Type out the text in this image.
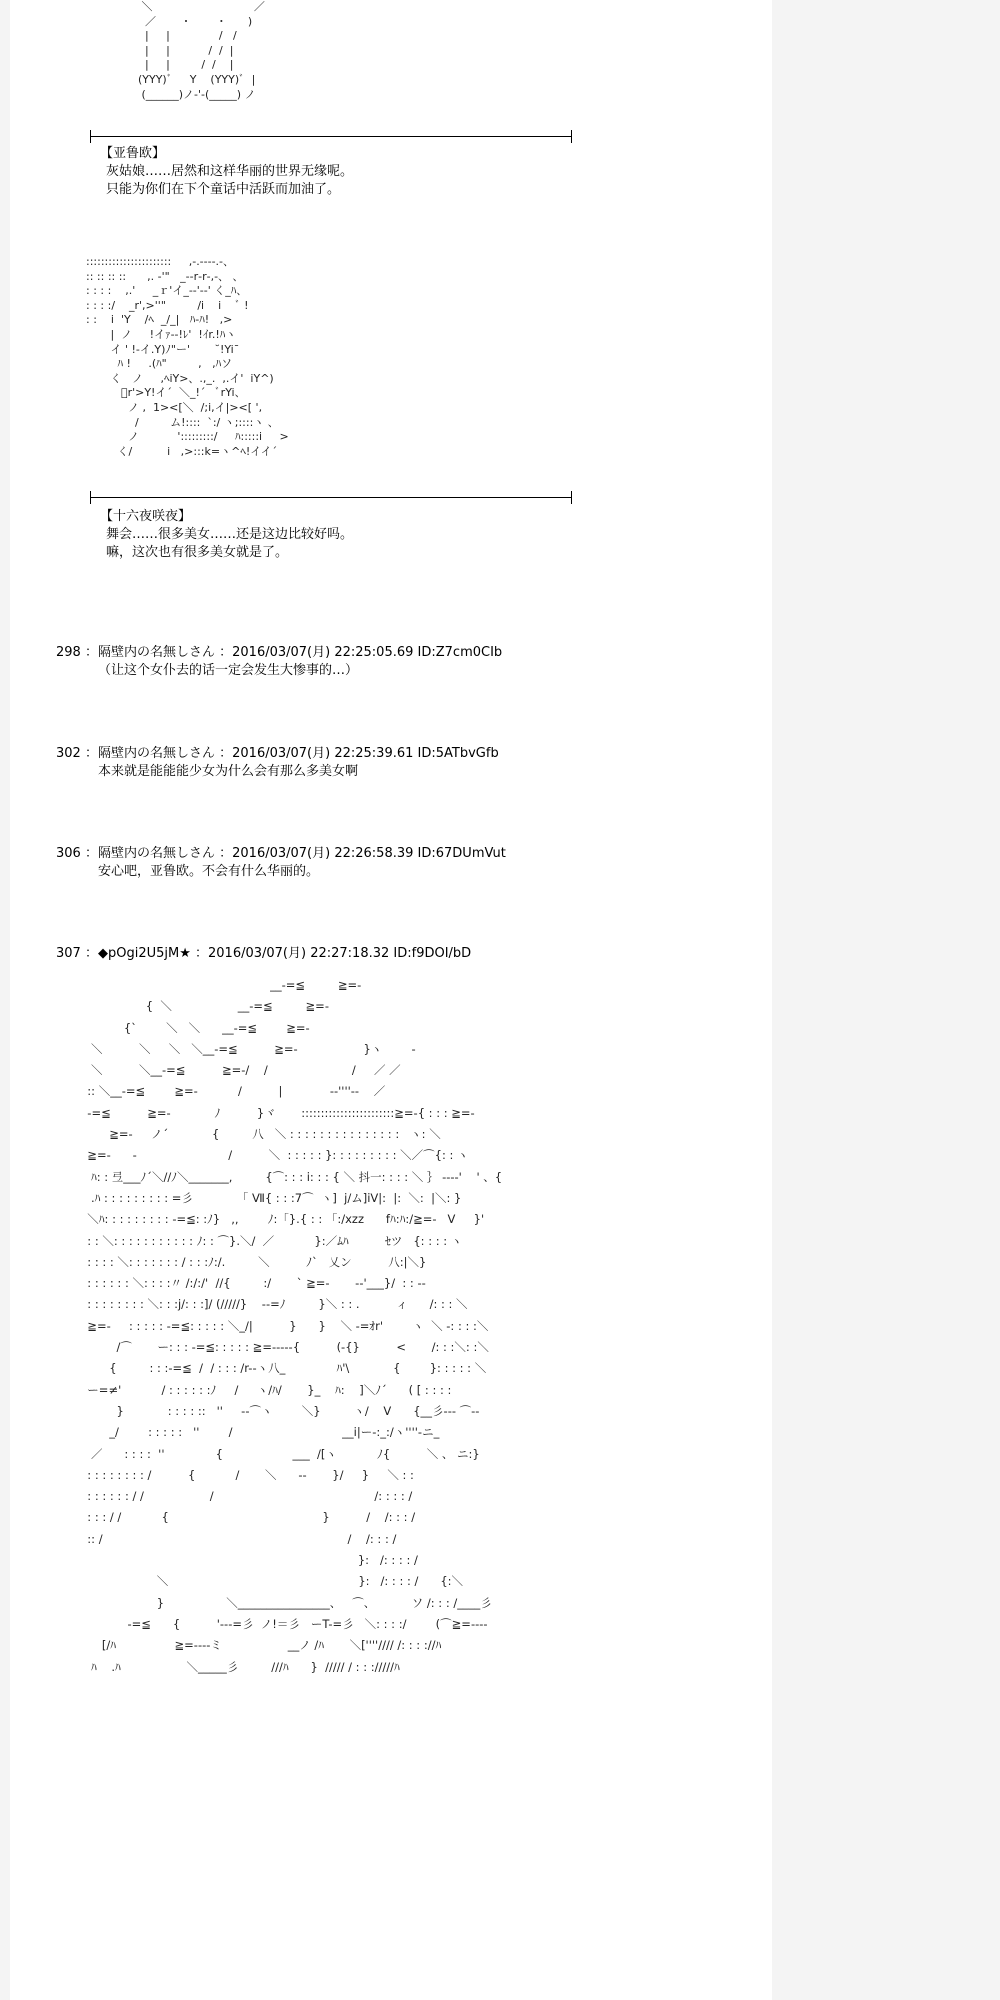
＼                             ／
／       ・       ・      )
|     |              /   /
|     |           /  /  |
|     |         /  /    |
(YYY)ﾞ     Y    (YYY)ﾞ  |
(______)ノ-'-(_____) ノ
【亚鲁欧】
灰姑娘……居然和这样华丽的世界无缘呢。
只能为你们在下个童话中活跃而加油了。
:::::::::::::::::::::::     ,-.----.-、
:: :: :: ::      ,. ‐'"   _-‐r‐r‐,-、 、
: : : :    ,.'     _ｒ'イ_-‐'-‐' く_ﾊ、
: : : :/    _r',>''"         /i    i    ﾞ !
: :    i  'Y    /ﾍ  _/_|   ﾊ-ﾊ!   ,>
|  ノ     !イｧ-‐!ﾚ'  !ｲr.!ﾊヽ
イ ' !-イ.Y)ﾉ"ー'       ˘!Yi¯
ﾊ !     .(ﾊ"         ,   ,ﾊソ
く   ノ     ,ﾍiY>、.,_.  ,.イ'  iY^)
ﾞr'>Y!イ´  ＼_!´   ﾞrYi、
ノ ,  1><[＼  /;i,イ|><[ ',
/         ム!::::  `:/ ヽ;::::ヽ 、
ノ           ':::::::::/     ﾊ:::::i     >
く/          i   ,>:::k=ヽ^ﾍ!イイ´
【十六夜咲夜】
舞会……很多美女……还是这边比较好吗。
嘛，这次也有很多美女就是了。
298 ：隔壁内の名無しさん ：2016/03/07(月) 22:25:05.69 ID:Z7cm0CIb
（让这个女仆去的话一定会发生大惨事的…）
302 ：隔壁内の名無しさん ：2016/03/07(月) 22:25:39.61 ID:5ATbvGfb
本来就是能能能少女为什么会有那么多美女啊
306 ：隔壁内の名無しさん ：2016/03/07(月) 22:26:58.39 ID:67DUmVut
安心吧，亚鲁欧。不会有什么华丽的。
307 ：◆pOgi2U5jM★ ：2016/03/07(月) 22:27:18.32 ID:f9DOI/bD
__-=≦         ≧=-
{  ＼                  __-=≦         ≧=-
{`        ＼   ＼      __-=≦        ≧=-
＼          ＼     ＼   ＼__-=≦          ≧=-                  }ヽ        ‐
＼          ＼__-=≦          ≧=-/    /                       /     ／ ／
:: ＼__-=≦        ≧=-           /          |             --''''--    ／
-=≦          ≧=-            ﾉ          }ヾ       ::::::::::::::::::::::::≧=-{ : : : ≧=-
≧=-     ノ´            {         八   ＼ : : : : : : : : : : : : : : :   ヽ: ＼
≧=-      -                         /          ＼  : : : : : }: : : : : : : : : ＼／⌒{: : ヽ
ﾊ: : 弖___ﾉ´＼//ﾉ＼_______,         {⌒: : : i: : : { ＼ 抖一: : : : ＼ ｝ ----'    ' 、{
.ﾊ : : : : : : : : : =彡            「 Ⅶ{ : : :7⌒  ヽ]  j/ム]iV|:  |:  ＼:  |＼: }
＼ﾊ: : : : : : : : : -=≦: :ﾉ}   ,,        ﾉ:「}.{ : : 「:/xzz      fﾊ:ﾊ:/≧=-   V     }'
: : ＼: : : : : : : : : : : ﾉ: : ⌒}.＼/  ／           }:／ﾑﾊ          ｾツ   {: : : : ヽ
: : : : ＼: : : : : : : / : : :ﾉ:/.         ＼          ﾉ`   乂ン          八:|＼}
: : : : : : ＼: : : :〃 /:/:/'  //{         :/       ` ≧=-       --'___}/  : : -‐
: : : : : : : : ＼: : :j/: : :]/ (/////}    --=ﾉ         }＼ : : .          ィ      /: : : ＼
≧=-     : : : : : -=≦: : : : : ＼_/|          }      }    ＼ -=ｵr'        ヽ  ＼ -: : : :＼
/⌒       ー: : : -=≦: : : : : ≧=-----{          (-{}          <       /: : :＼: :＼
{         : : :-=≦  /  / : : : /r--ヽ八_              ﾊ'\            {        }: : : : : ＼
ー=≠'           / : : : : : :ﾉ     /     ヽ/ﾊ/       }_    ﾊ:    ]＼ﾉ´      ( [ : : : :
}            : : : : ::   ''     --⌒ヽ        ＼}         ヽ/    V      {__彡--- ⌒--
_/        : : : : :   ''        /                              __i|ー-:_:/ヽ''''-ニ_
／      : : : :  ''              {                   ___  /[ヽ           ﾉ{          ＼ 、 ニ:}
: : : : : : : : /          {           /       ＼      --       }/     }     ＼ : :
: : : : : : / /                  /                                            /: : : : /
: : : / /           {                                          }          /    /: : : /
:: /                                                                   /    /: : : /
}:   /: : : : /
＼                                                    }:   /: : : : /      {:＼
}                 ＼________________、   ⌒、          ソ /: : : /____彡
-=≦      {          '---=彡  ノ!＝彡   ーT-=彡   ＼: : : :/        (⌒≧=----
[/ﾊ                ≧=----ミ                  __ノ /ﾊ       ＼[''''//// /: : : ://ﾊ
ﾊ    .ﾊ                  ＼_____彡         ///ﾊ      }  ///// / : : ://///ﾊ
